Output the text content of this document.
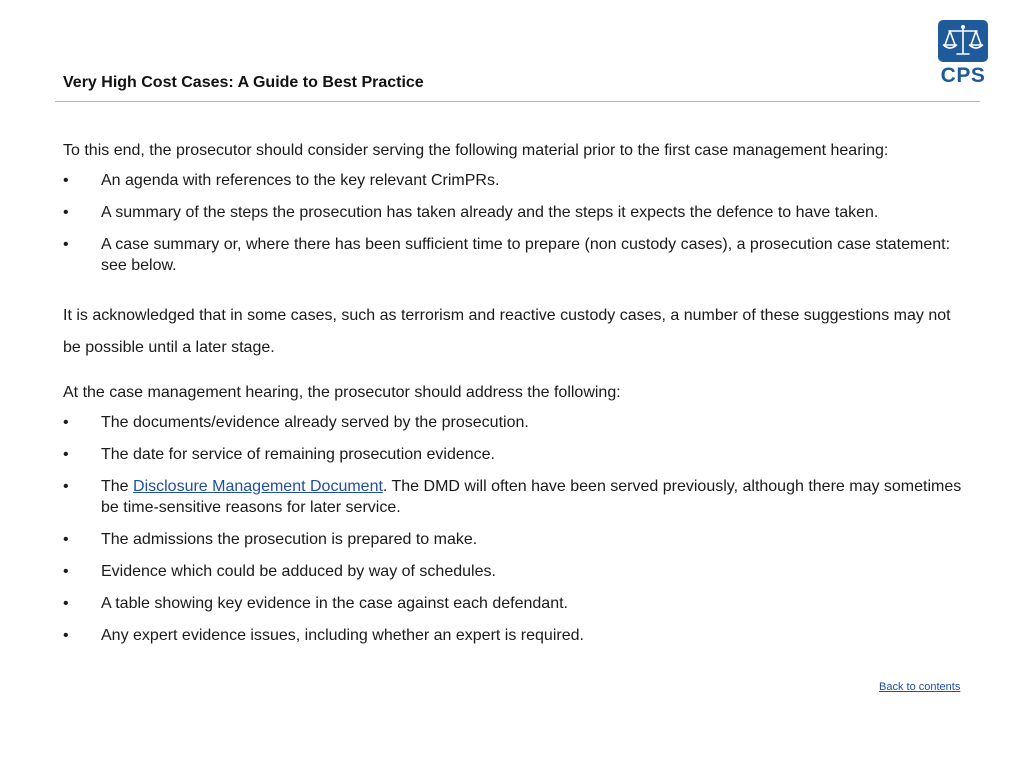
Very High Cost Cases: A Guide to Best Practice	CPS

To this end, the prosecutor should consider serving the following material prior to the first case management hearing:

• An agenda with references to the key relevant CrimPRs.
• A summary of the steps the prosecution has taken already and the steps it expects the defence to have taken.
• A case summary or, where there has been sufficient time to prepare (non custody cases), a prosecution case statement: see below.

It is acknowledged that in some cases, such as terrorism and reactive custody cases, a number of these suggestions may not be possible until a later stage.

At the case management hearing, the prosecutor should address the following:

• The documents/evidence already served by the prosecution.
• The date for service of remaining prosecution evidence.
• The Disclosure Management Document. The DMD will often have been served previously, although there may sometimes be time-sensitive reasons for later service.
• The admissions the prosecution is prepared to make.
• Evidence which could be adduced by way of schedules.
• A table showing key evidence in the case against each defendant.
• Any expert evidence issues, including whether an expert is required.
Back to contents
